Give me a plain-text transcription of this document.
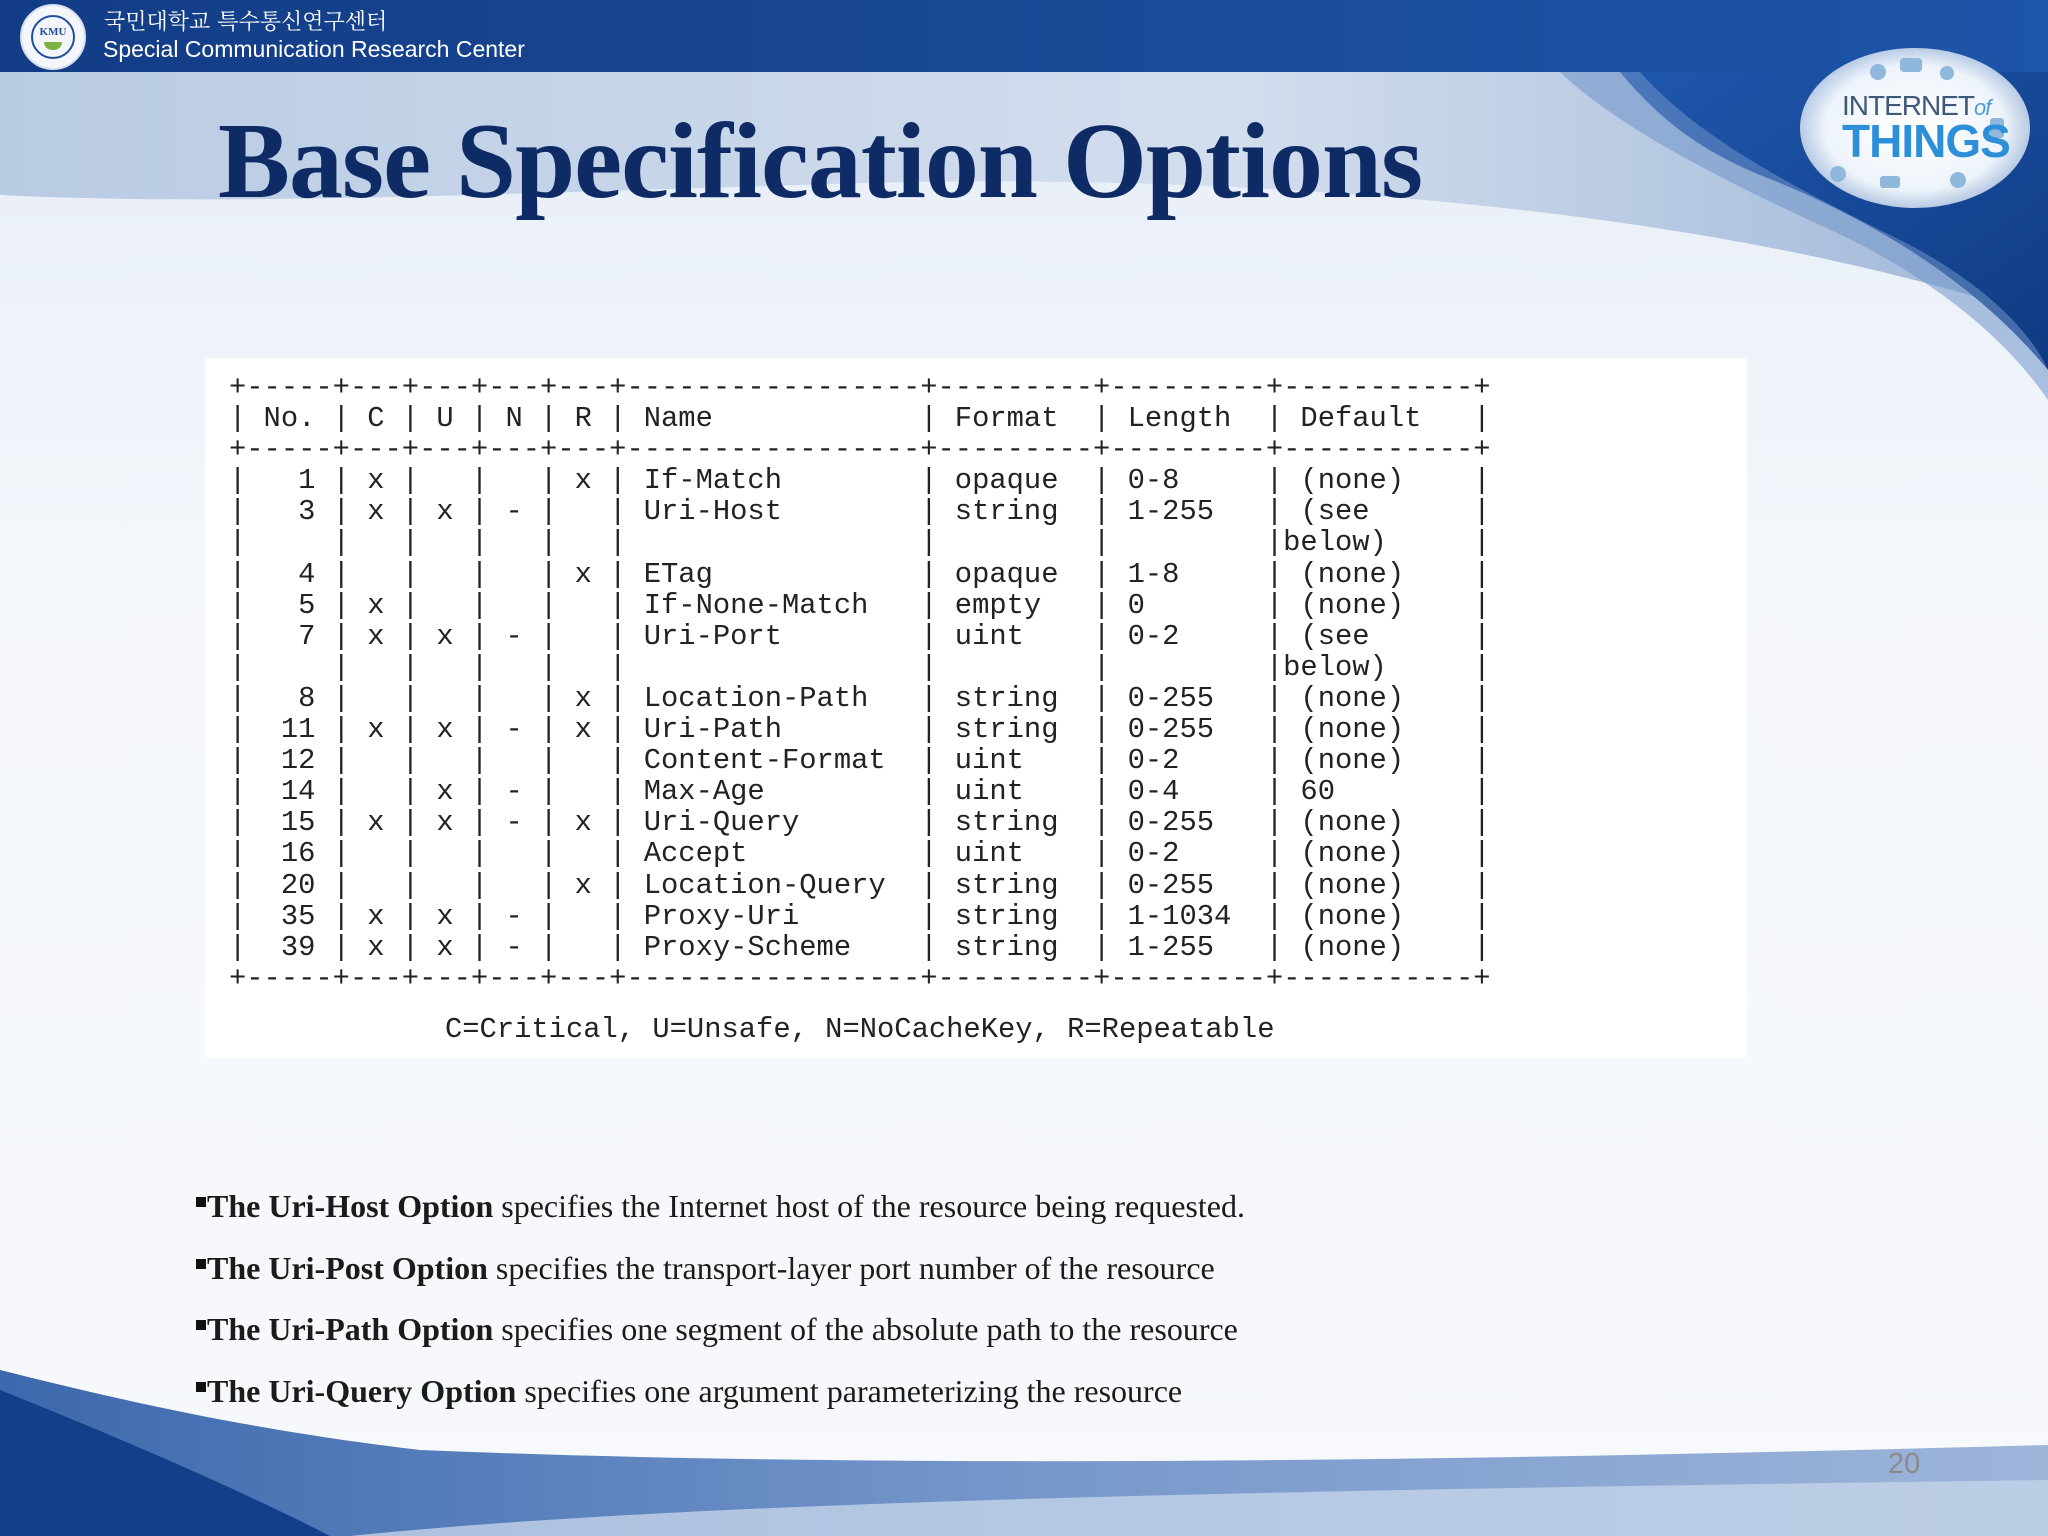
KMU	국민대학교 특수통신연구센터
Special Communication Research Center
INTERNETof
THINGS
Base Specification Options
+-----+---+---+---+---+-----------------+---------+---------+-----------+
| No. | C | U | N | R | Name            | Format  | Length  | Default   |
+-----+---+---+---+---+-----------------+---------+---------+-----------+
|   1 | x |   |   | x | If-Match        | opaque  | 0-8     | (none)    |
|   3 | x | x | - |   | Uri-Host        | string  | 1-255   | (see      |
|     |   |   |   |   |                 |         |         |below)     |
|   4 |   |   |   | x | ETag            | opaque  | 1-8     | (none)    |
|   5 | x |   |   |   | If-None-Match   | empty   | 0       | (none)    |
|   7 | x | x | - |   | Uri-Port        | uint    | 0-2     | (see      |
|     |   |   |   |   |                 |         |         |below)     |
|   8 |   |   |   | x | Location-Path   | string  | 0-255   | (none)    |
|  11 | x | x | - | x | Uri-Path        | string  | 0-255   | (none)    |
|  12 |   |   |   |   | Content-Format  | uint    | 0-2     | (none)    |
|  14 |   | x | - |   | Max-Age         | uint    | 0-4     | 60        |
|  15 | x | x | - | x | Uri-Query       | string  | 0-255   | (none)    |
|  16 |   |   |   |   | Accept          | uint    | 0-2     | (none)    |
|  20 |   |   |   | x | Location-Query  | string  | 0-255   | (none)    |
|  35 | x | x | - |   | Proxy-Uri       | string  | 1-1034  | (none)    |
|  39 | x | x | - |   | Proxy-Scheme    | string  | 1-255   | (none)    |
+-----+---+---+---+---+-----------------+---------+---------+-----------+
C=Critical, U=Unsafe, N=NoCacheKey, R=Repeatable
The Uri-Host Option specifies the Internet host of the resource being requested.
The Uri-Post Option specifies the transport-layer port number of the resource
The Uri-Path Option specifies one segment of the absolute path to the resource
The Uri-Query Option specifies one argument parameterizing the resource
20
